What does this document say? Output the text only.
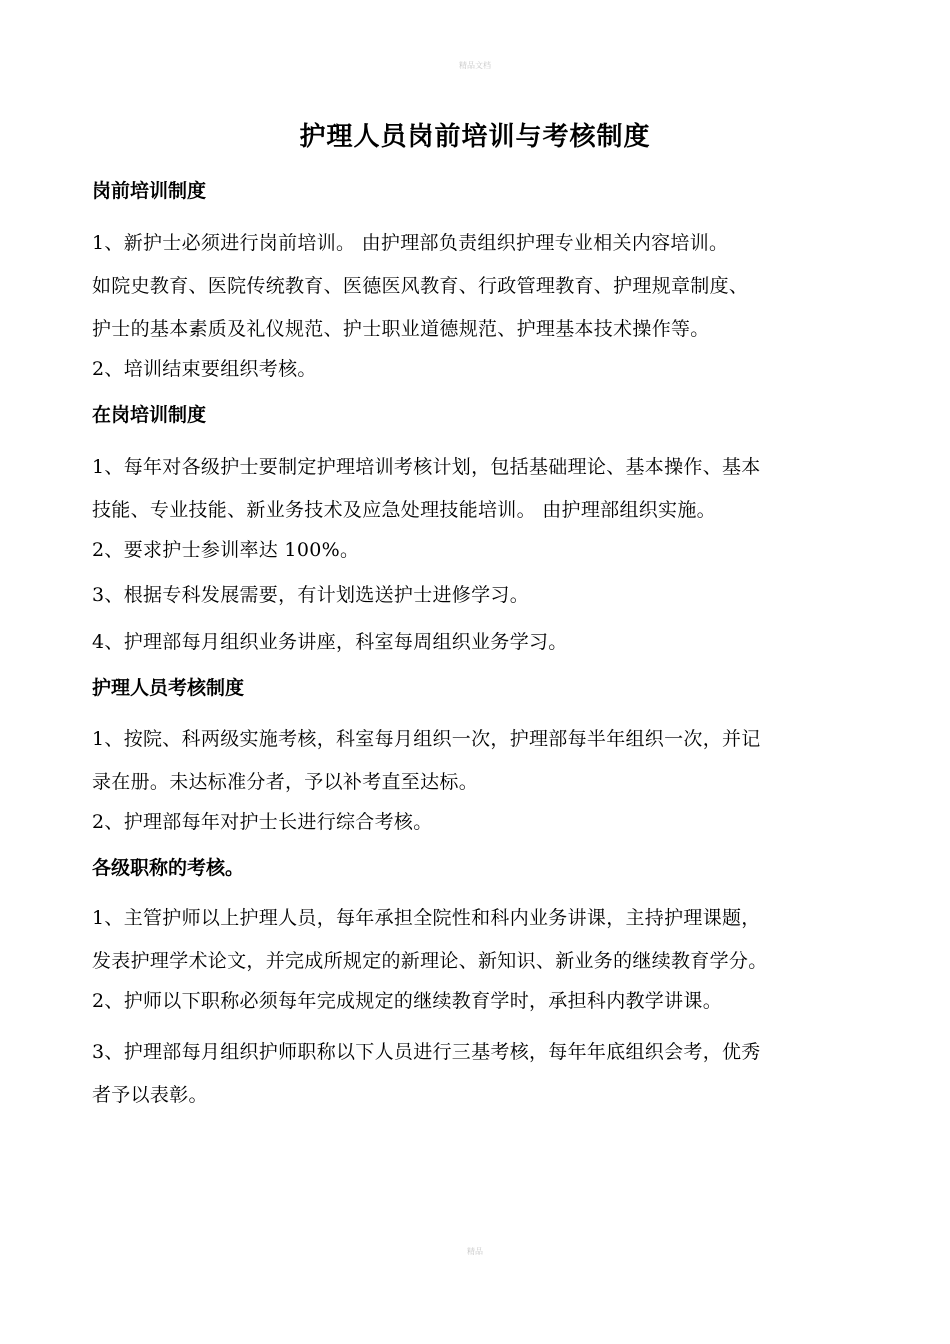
精品文档
护理人员岗前培训与考核制度
岗前培训制度
1、新护士必须进行岗前培训。 由护理部负责组织护理专业相关内容培训。
如院史教育、医院传统教育、医德医风教育、行政管理教育、护理规章制度、
护士的基本素质及礼仪规范、护士职业道德规范、护理基本技术操作等。
2、培训结束要组织考核。
在岗培训制度
1、每年对各级护士要制定护理培训考核计划，包括基础理论、基本操作、基本
技能、专业技能、新业务技术及应急处理技能培训。 由护理部组织实施。
2、要求护士参训率达 100%。
3、根据专科发展需要，有计划选送护士进修学习。
4、护理部每月组织业务讲座，科室每周组织业务学习。
护理人员考核制度
1、按院、科两级实施考核，科室每月组织一次，护理部每半年组织一次，并记
录在册。未达标准分者，予以补考直至达标。
2、护理部每年对护士长进行综合考核。
各级职称的考核。
1、主管护师以上护理人员，每年承担全院性和科内业务讲课，主持护理课题，
发表护理学术论文，并完成所规定的新理论、新知识、新业务的继续教育学分。
2、护师以下职称必须每年完成规定的继续教育学时，承担科内教学讲课。
3、护理部每月组织护师职称以下人员进行三基考核，每年年底组织会考，优秀
者予以表彰。
精品
